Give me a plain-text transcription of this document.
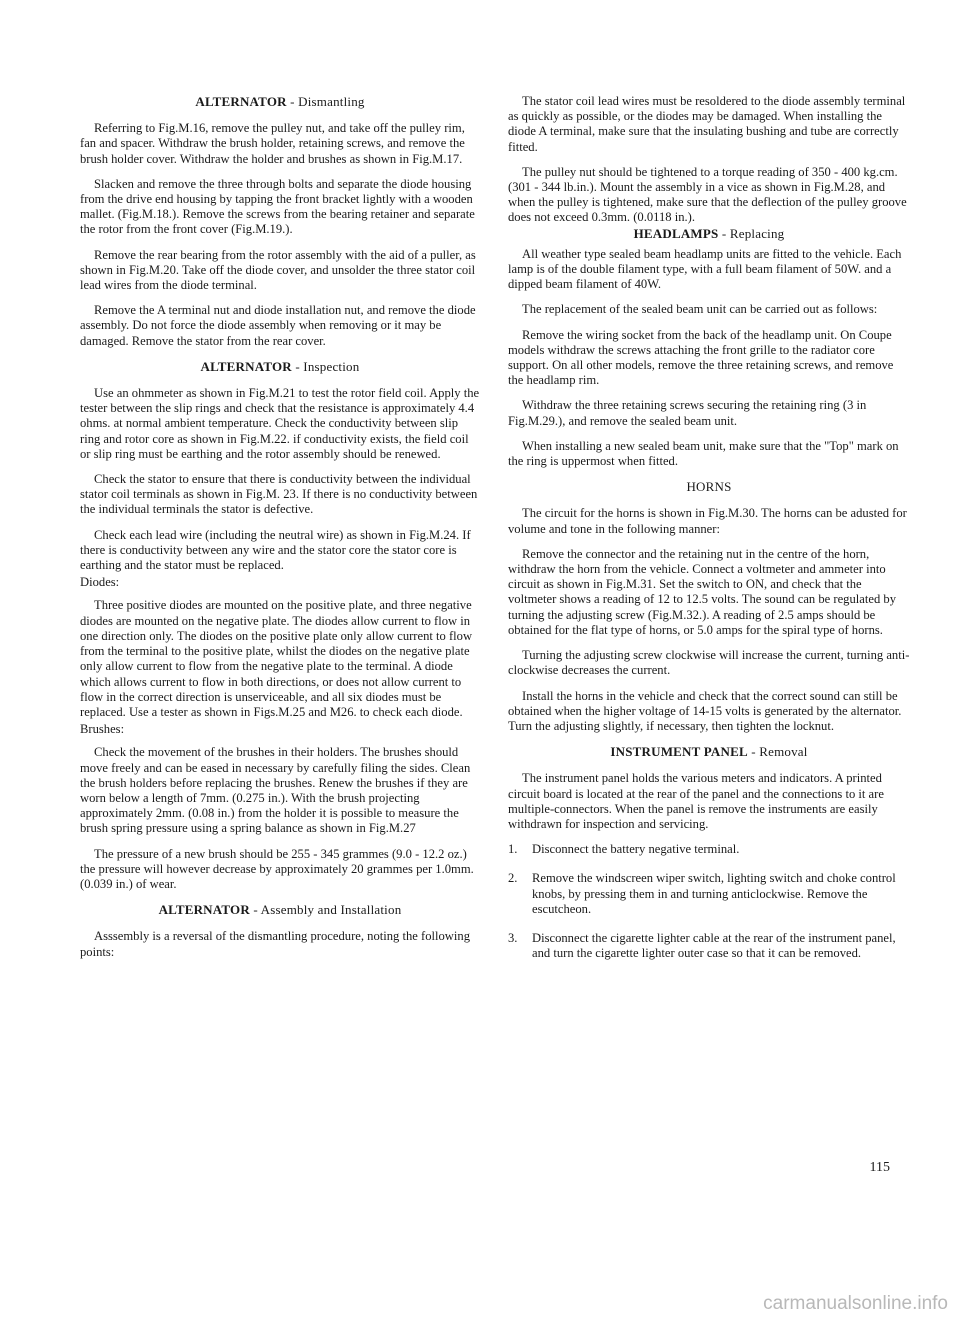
ALTERNATOR - Dismantling

Referring to Fig.M.16, remove the pulley nut, and take off the pulley rim, fan and spacer. Withdraw the brush holder, retaining screws, and remove the brush holder cover. Withdraw the holder and brushes as shown in Fig.M.17.

Slacken and remove the three through bolts and separate the diode housing from the drive end housing by tapping the front bracket lightly with a wooden mallet. (Fig.M.18.). Remove the screws from the bearing retainer and separate the rotor from the front cover (Fig.M.19.).

Remove the rear bearing from the rotor assembly with the aid of a puller, as shown in Fig.M.20. Take off the diode cover, and unsolder the three stator coil lead wires from the diode terminal.

Remove the A terminal nut and diode installation nut, and remove the diode assembly. Do not force the diode assembly when removing or it may be damaged. Remove the stator from the rear cover.

ALTERNATOR - Inspection

Use an ohmmeter as shown in Fig.M.21 to test the rotor field coil. Apply the tester between the slip rings and check that the resistance is approximately 4.4 ohms. at normal ambient temperature. Check the conductivity between slip ring and rotor core as shown in Fig.M.22. if conductivity exists, the field coil or slip ring must be earthing and the rotor assembly should be renewed.

Check the stator to ensure that there is conductivity between the individual stator coil terminals as shown in Fig.M. 23. If there is no conductivity between the individual terminals the stator is defective.

Check each lead wire (including the neutral wire) as shown in Fig.M.24. If there is conductivity between any wire and the stator core the stator core is earthing and the stator must be replaced.

Diodes:

Three positive diodes are mounted on the positive plate, and three negative diodes are mounted on the negative plate. The diodes allow current to flow in one direction only. The diodes on the positive plate only allow current to flow from the terminal to the positive plate, whilst the diodes on the negative plate only allow current to flow from the negative plate to the terminal. A diode which allows current to flow in both directions, or does not allow current to flow in the correct direction is unserviceable, and all six diodes must be replaced. Use a tester as shown in Figs.M.25 and M26. to check each diode.

Brushes:

Check the movement of the brushes in their holders. The brushes should move freely and can be eased in necessary by carefully filing the sides. Clean the brush holders before replacing the brushes. Renew the brushes if they are worn below a length of 7mm. (0.275 in.). With the brush projecting approximately 2mm. (0.08 in.) from the holder it is possible to measure the brush spring pressure using a spring balance as shown in Fig.M.27

The pressure of a new brush should be 255 - 345 grammes (9.0 - 12.2 oz.) the pressure will however decrease by approximately 20 grammes per 1.0mm. (0.039 in.) of wear.

ALTERNATOR - Assembly and Installation

Asssembly is a reversal of the dismantling procedure, noting the following points:

The stator coil lead wires must be resoldered to the diode assembly terminal as quickly as possible, or the diodes may be damaged. When installing the diode A terminal, make sure that the insulating bushing and tube are correctly fitted.

The pulley nut should be tightened to a torque reading of 350 - 400 kg.cm. (301 - 344 lb.in.). Mount the assembly in a vice as shown in Fig.M.28, and when the pulley is tightened, make sure that the deflection of the pulley groove does not exceed 0.3mm. (0.0118 in.).

HEADLAMPS - Replacing

All weather type sealed beam headlamp units are fitted to the vehicle. Each lamp is of the double filament type, with a full beam filament of 50W. and a dipped beam filament of 40W.

The replacement of the sealed beam unit can be carried out as follows:

Remove the wiring socket from the back of the headlamp unit. On Coupe models withdraw the screws attaching the front grille to the radiator core support. On all other models, remove the three retaining screws, and remove the headlamp rim.

Withdraw the three retaining screws securing the retaining ring (3 in Fig.M.29.), and remove the sealed beam unit.

When installing a new sealed beam unit, make sure that the "Top" mark on the ring is uppermost when fitted.

HORNS

The circuit for the horns is shown in Fig.M.30. The horns can be adusted for volume and tone in the following manner:

Remove the connector and the retaining nut in the centre of the horn, withdraw the horn from the vehicle. Connect a voltmeter and ammeter into circuit as shown in Fig.M.31. Set the switch to ON, and check that the voltmeter shows a reading of 12 to 12.5 volts. The sound can be regulated by turning the adjusting screw (Fig.M.32.). A reading of 2.5 amps should be obtained for the flat type of horns, or 5.0 amps for the spiral type of horns.

Turning the adjusting screw clockwise will increase the current, turning anti-clockwise decreases the current.

Install the horns in the vehicle and check that the correct sound can still be obtained when the higher voltage of 14-15 volts is generated by the alternator. Turn the adjusting slightly, if necessary, then tighten the locknut.

INSTRUMENT PANEL - Removal

The instrument panel holds the various meters and indicators. A printed circuit board is located at the rear of the panel and the connections to it are multiple-connectors. When the panel is remove the instruments are easily withdrawn for inspection and servicing.

1.	Disconnect the battery negative terminal.
2.	Remove the windscreen wiper switch, lighting switch and choke control knobs, by pressing them in and turning anticlockwise. Remove the escutcheon.
3.	Disconnect the cigarette lighter cable at the rear of the instrument panel, and turn the cigarette lighter outer case so that it can be removed.
115
carmanualsonline.info
